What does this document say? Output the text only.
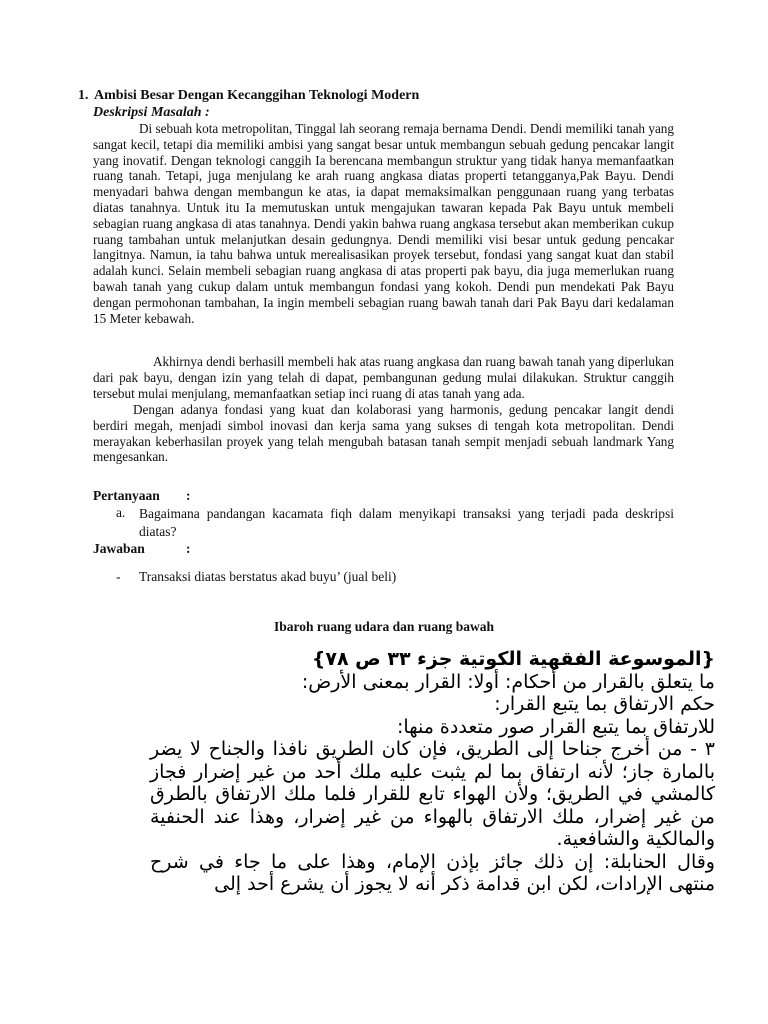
1. Ambisi Besar Dengan Kecanggihan Teknologi Modern
Deskripsi Masalah :

Di sebuah kota metropolitan, Tinggal lah seorang remaja bernama Dendi. Dendi memiliki tanah yang sangat kecil, tetapi dia memiliki ambisi yang sangat besar untuk membangun sebuah gedung pencakar langit yang inovatif. Dengan teknologi canggih Ia berencana membangun struktur yang tidak hanya memanfaatkan ruang tanah. Tetapi, juga menjulang ke arah ruang angkasa diatas properti tetangganya,Pak Bayu. Dendi menyadari bahwa dengan membangun ke atas, ia dapat memaksimalkan penggunaan ruang yang terbatas diatas tanahnya. Untuk itu Ia memutuskan untuk mengajukan tawaran kepada Pak Bayu untuk membeli sebagian ruang angkasa di atas tanahnya. Dendi yakin bahwa ruang angkasa tersebut akan memberikan cukup ruang tambahan untuk melanjutkan desain gedungnya. Dendi memiliki visi besar untuk gedung pencakar langitnya. Namun, ia tahu bahwa untuk merealisasikan proyek tersebut, fondasi yang sangat kuat dan stabil adalah kunci. Selain membeli sebagian ruang angkasa di atas properti pak bayu, dia juga memerlukan ruang bawah tanah yang cukup dalam untuk membangun fondasi yang kokoh. Dendi pun mendekati Pak Bayu dengan permohonan tambahan, Ia ingin membeli sebagian ruang bawah tanah dari Pak Bayu dari kedalaman 15 Meter kebawah.

Akhirnya dendi berhasill membeli hak atas ruang angkasa dan ruang bawah tanah yang diperlukan dari pak bayu, dengan izin yang telah di dapat, pembangunan gedung mulai dilakukan. Struktur canggih tersebut mulai menjulang, memanfaatkan setiap inci ruang di atas tanah yang ada.

Dengan adanya fondasi yang kuat dan kolaborasi yang harmonis, gedung pencakar langit dendi berdiri megah, menjadi simbol inovasi dan kerja sama yang sukses di tengah kota metropolitan. Dendi merayakan keberhasilan proyek yang telah mengubah batasan tanah sempit menjadi sebuah landmark Yang mengesankan.

Pertanyaan :
a. Bagaimana pandangan kacamata fiqh dalam menyikapi transaksi yang terjadi pada deskripsi diatas?

Jawaban	:
- Transaksi diatas berstatus akad buyu’ (jual beli)
Ibaroh ruang udara dan ruang bawah
{الموسوعة الفقهية الكوتية جزء ٣٣ ص ٧٨}
ما يتعلق بالقرار من أحكام: أولا: القرار بمعنى الأرض:
حكم الارتفاق بما يتبع القرار:
للارتفاق بما يتبع القرار صور متعددة منها:
٣ - من أخرج جناحا إلى الطريق، فإن كان الطريق نافذا والجناح لا يضر بالمارة جاز؛ لأنه ارتفاق بما لم يثبت عليه ملك أحد من غير إضرار فجاز كالمشي في الطريق؛ ولأن الهواء تابع للقرار فلما ملك الارتفاق بالطرق من غير إضرار، ملك الارتفاق بالهواء من غير إضرار، وهذا عند الحنفية والمالكية والشافعية.
وقال الحنابلة: إن ذلك جائز بإذن الإمام، وهذا على ما جاء في شرح منتهى الإرادات، لكن ابن قدامة ذكر أنه لا يجوز أن يشرع أحد إلى
